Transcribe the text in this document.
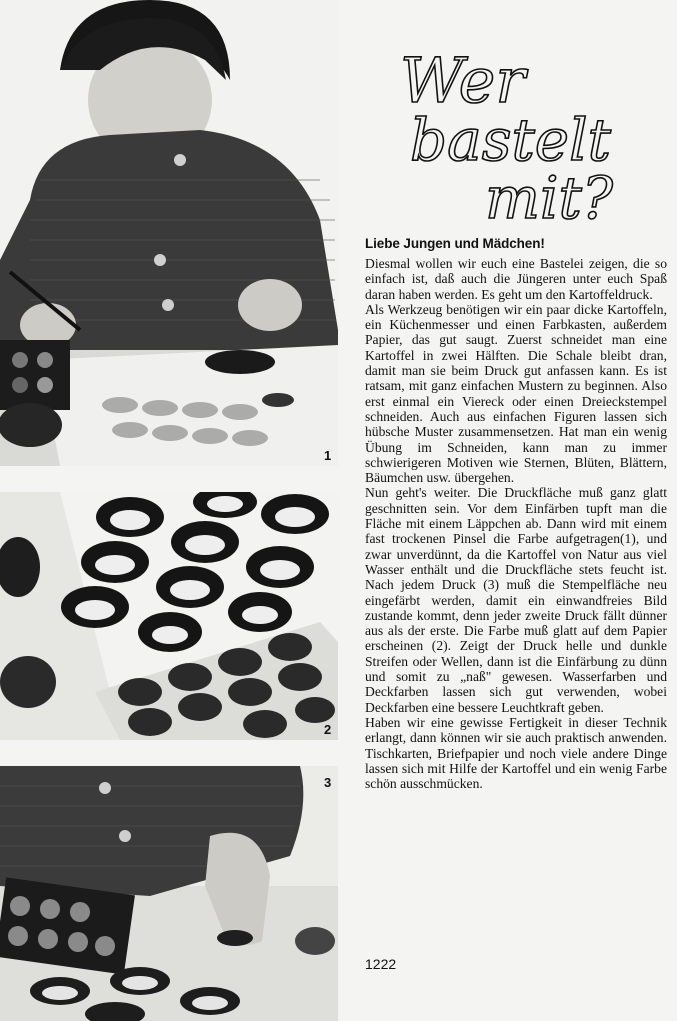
1
2
3
Wer
bastelt
mit?

Liebe Jungen und Mädchen!

Diesmal wollen wir euch eine Bastelei zeigen, die so einfach ist, daß auch die Jüngeren unter euch Spaß daran haben werden. Es geht um den Kartoffeldruck.

Als Werkzeug benötigen wir ein paar dicke Kartoffeln, ein Küchenmesser und einen Farbkasten, außerdem Papier, das gut saugt. Zuerst schneidet man eine Kartoffel in zwei Hälften. Die Schale bleibt dran, damit man sie beim Druck gut anfassen kann. Es ist ratsam, mit ganz einfachen Mustern zu beginnen. Also erst einmal ein Viereck oder einen Dreieckstempel schneiden. Auch aus einfachen Figuren lassen sich hübsche Muster zusammensetzen. Hat man ein wenig Übung im Schneiden, kann man zu immer schwierigeren Motiven wie Sternen, Blüten, Blättern, Bäumchen usw. übergehen.

Nun geht's weiter. Die Druckfläche muß ganz glatt geschnitten sein. Vor dem Einfärben tupft man die Fläche mit einem Läppchen ab. Dann wird mit einem fast trockenen Pinsel die Farbe aufgetragen(1), und zwar unverdünnt, da die Kartoffel von Natur aus viel Wasser enthält und die Druckfläche stets feucht ist. Nach jedem Druck (3) muß die Stempelfläche neu eingefärbt werden, damit ein einwandfreies Bild zustande kommt, denn jeder zweite Druck fällt dünner aus als der erste. Die Farbe muß glatt auf dem Papier erscheinen (2). Zeigt der Druck helle und dunkle Streifen oder Wellen, dann ist die Einfärbung zu dünn und somit zu „naß" gewesen. Wasserfarben und Deckfarben lassen sich gut verwenden, wobei Deckfarben eine bessere Leuchtkraft geben.

Haben wir eine gewisse Fertigkeit in dieser Technik erlangt, dann können wir sie auch praktisch anwenden. Tischkarten, Briefpapier und noch viele andere Dinge lassen sich mit Hilfe der Kartoffel und ein wenig Farbe schön ausschmücken.

1222
